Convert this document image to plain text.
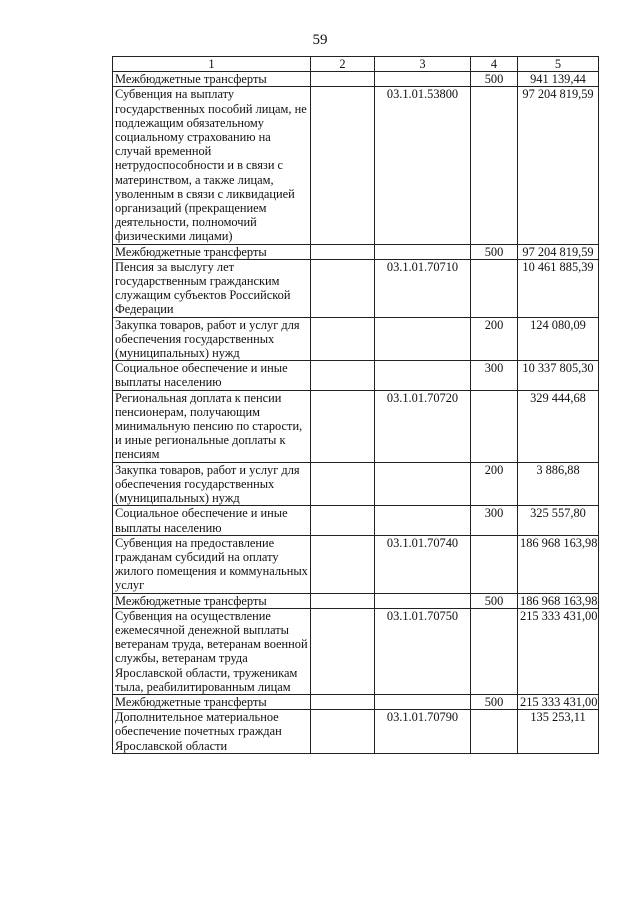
59
1	2	3	4	5
Межбюджетные трансферты			500	941 139,44
Субвенция на выплату государственных пособий лицам, не подлежащим обязательному социальному страхованию на случай временной нетрудоспособности и в связи с материнством, а также лицам, уволенным в связи с ликвидацией организаций (прекращением деятельности, полномочий физическими лицами)		03.1.01.53800		97 204 819,59
Межбюджетные трансферты			500	97 204 819,59
Пенсия за выслугу лет государственным гражданским служащим субъектов Российской Федерации		03.1.01.70710		10 461 885,39
Закупка товаров, работ и услуг для обеспечения государственных (муниципальных) нужд			200	124 080,09
Социальное обеспечение и иные выплаты населению			300	10 337 805,30
Региональная доплата к пенсии пенсионерам, получающим минимальную пенсию по старости, и иные региональные доплаты к пенсиям		03.1.01.70720		329 444,68
Закупка товаров, работ и услуг для обеспечения государственных (муниципальных) нужд			200	3 886,88
Социальное обеспечение и иные выплаты населению			300	325 557,80
Субвенция на предоставление гражданам субсидий на оплату жилого помещения и коммунальных услуг		03.1.01.70740		186 968 163,98
Межбюджетные трансферты			500	186 968 163,98
Субвенция на осуществление ежемесячной денежной выплаты ветеранам труда, ветеранам военной службы, ветеранам труда Ярославской области, труженикам тыла, реабилитированным лицам		03.1.01.70750		215 333 431,00
Межбюджетные трансферты			500	215 333 431,00
Дополнительное материальное обеспечение почетных граждан Ярославской области		03.1.01.70790		135 253,11
